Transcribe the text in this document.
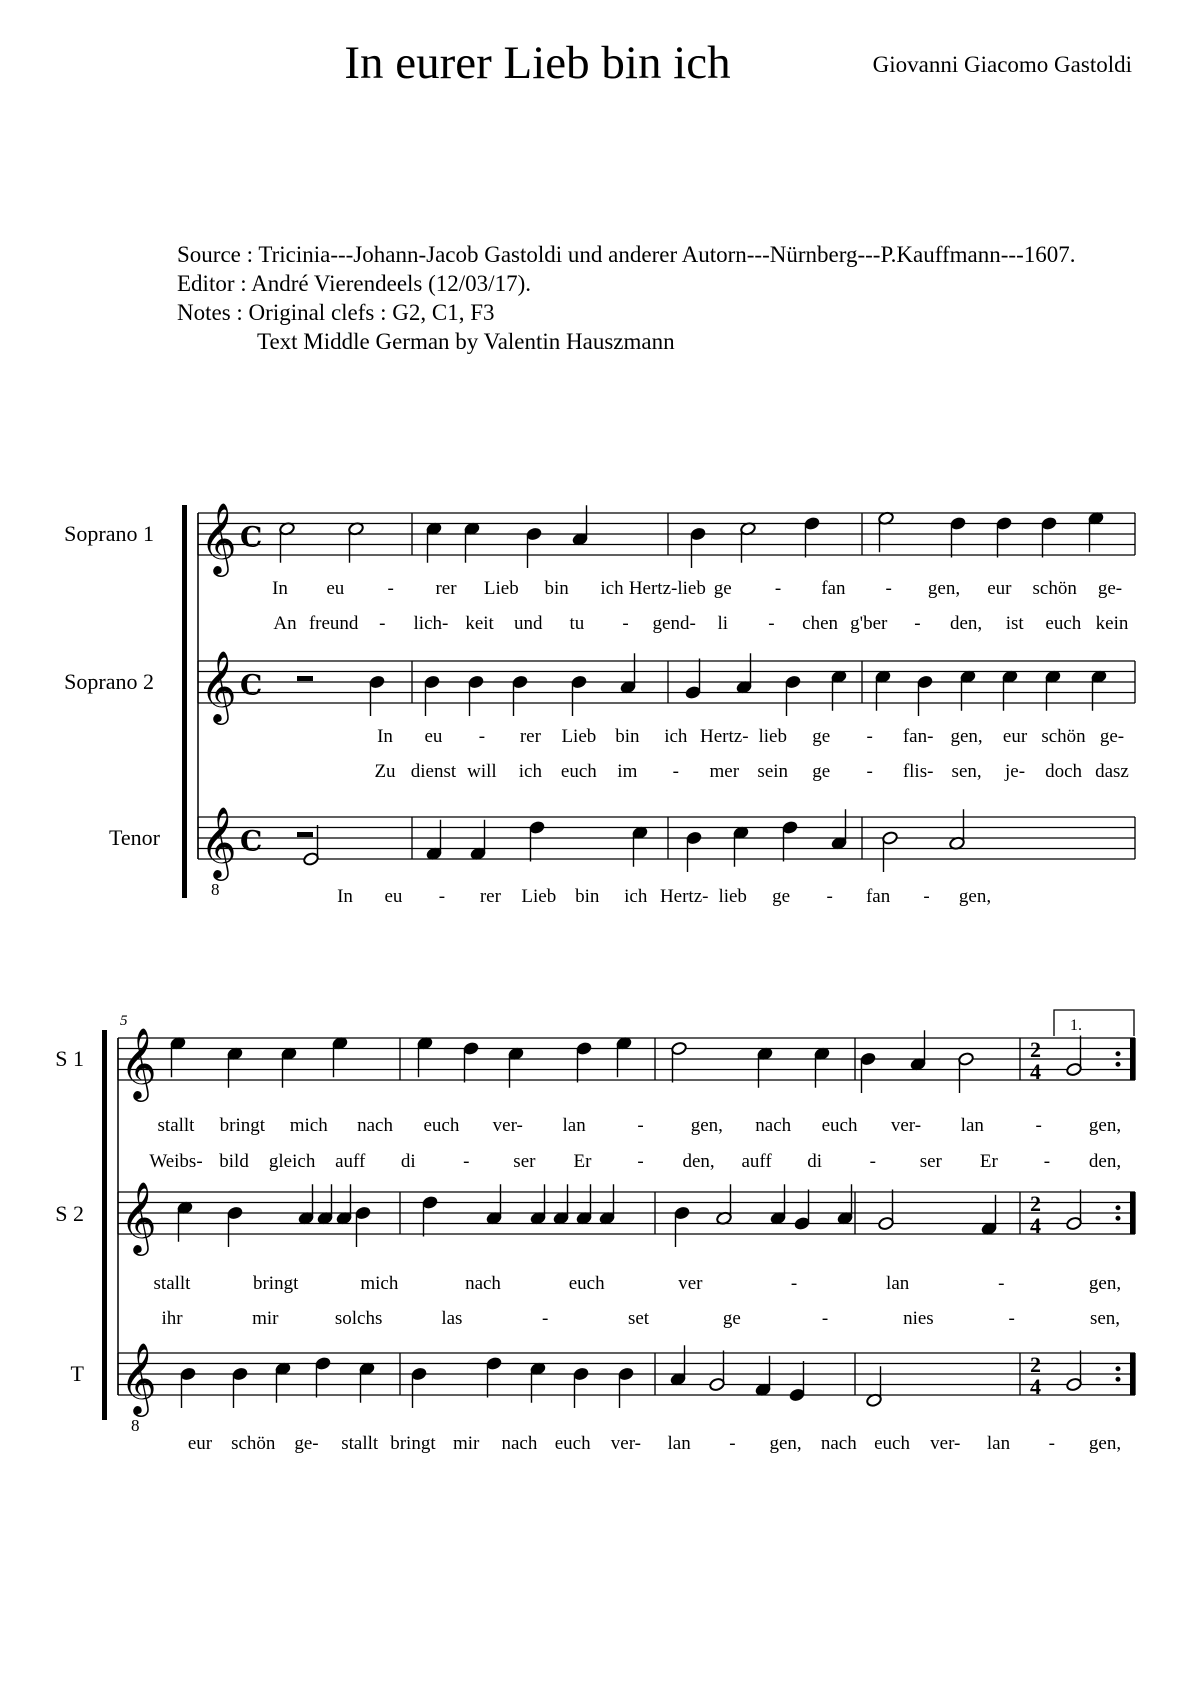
In eurer Lieb bin ich	Giovanni Giacomo Gastoldi
Source : Tricinia---Johann-Jacob Gastoldi und anderer Autorn---Nürnberg---P.Kauffmann---1607.
Editor : André Vierendeels (12/03/17).
Notes : Original clefs : G2, C1, F3
Text Middle German by Valentin Hauszmann
𝄞 C
𝄞 C
𝄞
8
C
Soprano 1
Soprano 2
Tenor
In eu - rer Lieb bin ich Hertz-lieb ge - fan - gen, eur schön ge-
An freund - lich- keit und tu - gend- li - chen g'ber - den, ist euch kein
In eu - rer Lieb bin ich Hertz- lieb ge - fan- gen, eur schön ge-
Zu dienst will ich euch im - mer sein ge - flis- sen, je- doch dasz
In eu - rer Lieb bin ich Hertz- lieb ge - fan - gen,
5	1.
𝄞	2
4
𝄞	2
4
𝄞
8
2
4
S 1
S 2
T
stallt bringt mich nach euch ver- lan	- gen, nach euch ver- lan	- gen,
Weibs- bild gleich auff di	- ser Er - den, auff di	- ser Er - den,
stallt	bringt	mich	nach	euch	ver	-	lan	-	gen,
ihr	mir	solchs	las	-	set	ge	-	nies	-	sen,
eur schön ge- stallt bringt mir nach euch ver- lan - gen, nach euch ver- lan - gen,
